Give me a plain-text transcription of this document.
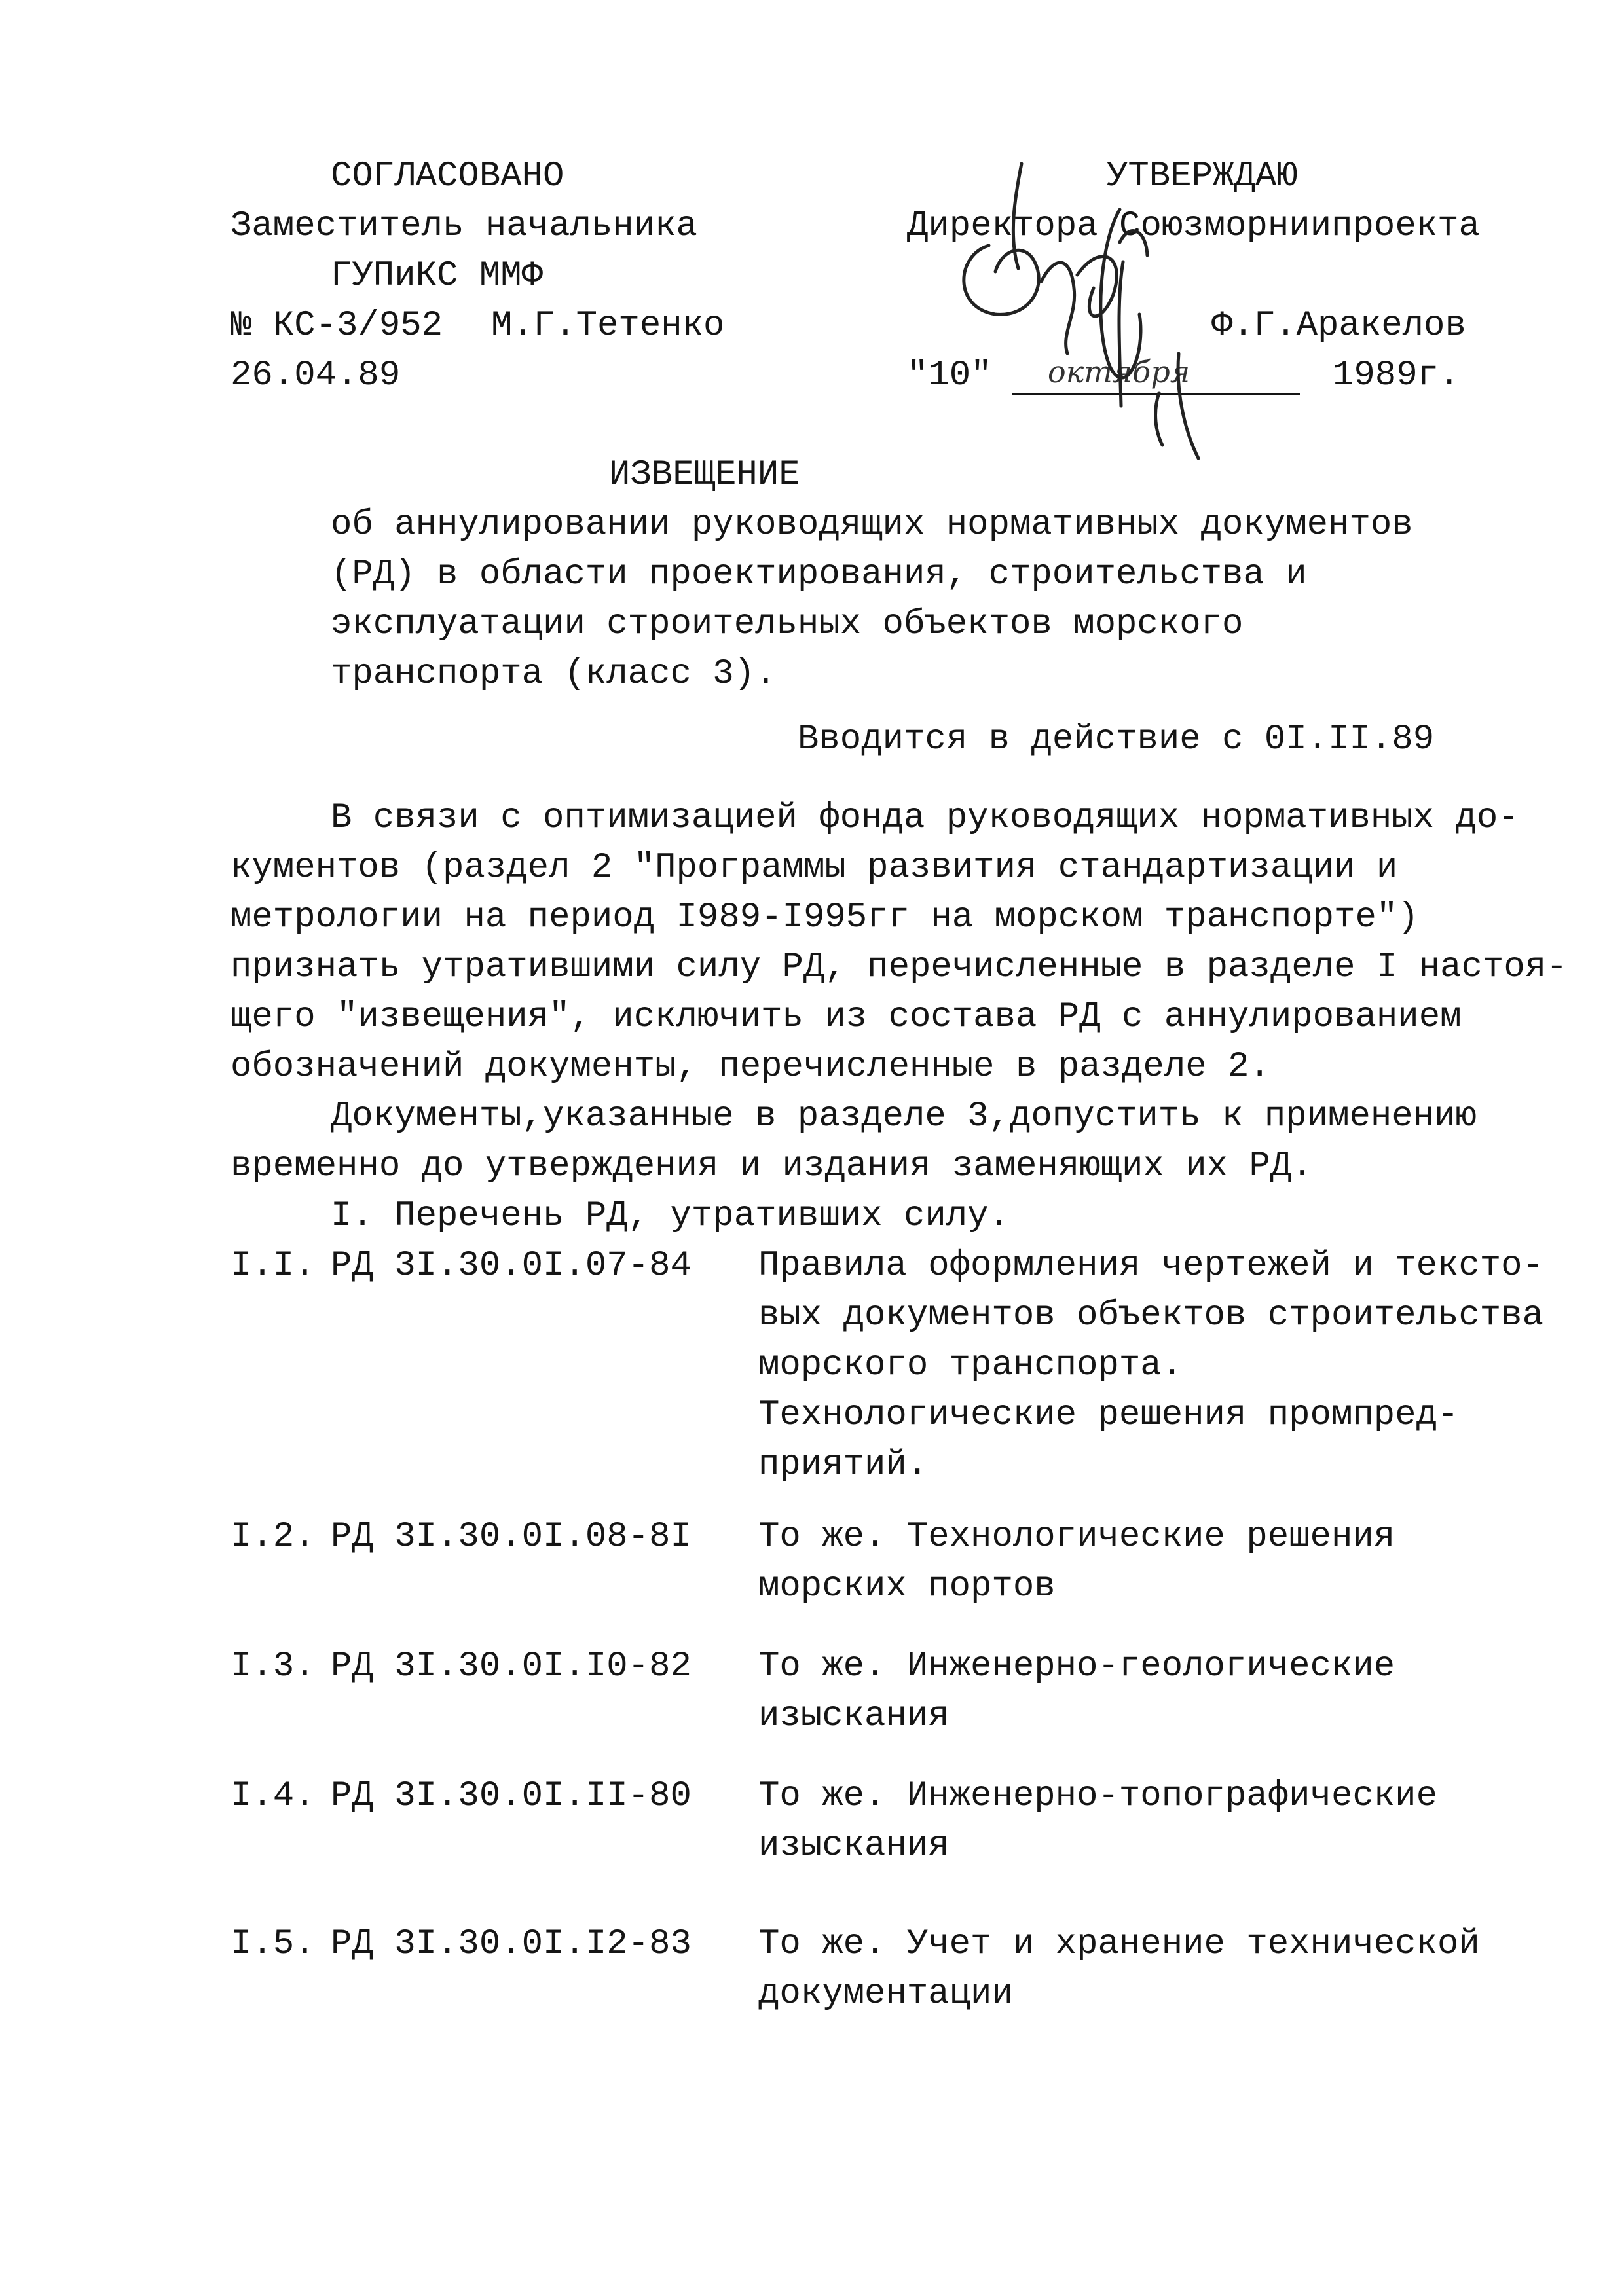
СОГЛАСОВАНО
Заместитель начальника
ГУПиКС ММФ
№ КС-3/952 М.Г.Тетенко
26.04.89
УТВЕРЖДАЮ
Директора Союзморниипроекта
Ф.Г.Аракелов
"10" октября	1989г.
ИЗВЕЩЕНИЕ
об аннулировании руководящих нормативных документов
(РД) в области проектирования, строительства и
эксплуатации строительных объектов морского
транспорта (класс 3).
Вводится в действие с 0I.II.89
В связи с оптимизацией фонда руководящих нормативных до-
кументов (раздел 2 "Программы развития стандартизации и
метрологии на период I989-I995гг на морском транспорте")
признать утратившими силу РД, перечисленные в разделе I настоя-
щего "извещения", исключить из состава РД с аннулированием
обозначений документы, перечисленные в разделе 2.
Документы,указанные в разделе 3,допустить к применению
временно до утверждения и издания заменяющих их РД.
I. Перечень РД, утративших силу.
I.I. РД 3I.30.0I.07-84 Правила оформления чертежей и тексто-
вых документов объектов строительства
морского транспорта.
Технологические решения промпред-
приятий.
I.2. РД 3I.30.0I.08-8I То же. Технологические решения
морских портов
I.3. РД 3I.30.0I.I0-82 То же. Инженерно-геологические
изыскания
I.4. РД 3I.30.0I.II-80 То же. Инженерно-топографические
изыскания
I.5. РД 3I.30.0I.I2-83 То же. Учет и хранение технической
документации
